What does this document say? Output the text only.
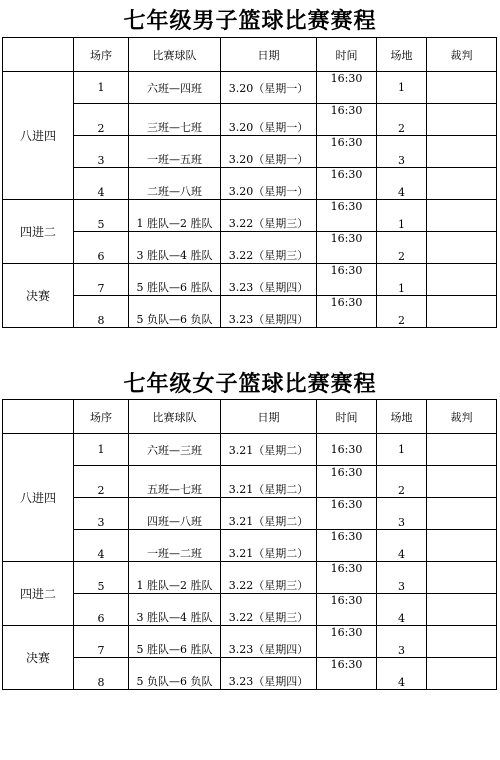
七年级男子篮球比赛赛程
	场序	比赛球队	日期	时间	场地	裁判
八进四	1	六班—四班	3.20（星期一）	16:30	1	
	2	三班—七班	3.20（星期一）	16:30	2	
	3	一班—五班	3.20（星期一）	16:30	3	
	4	二班—八班	3.20（星期一）	16:30	4	
四进二	5	1 胜队—2 胜队	3.22（星期三）	16:30	1	
	6	3 胜队—4 胜队	3.22（星期三）	16:30	2	
决赛	7	5 胜队—6 胜队	3.23（星期四）	16:30	1	
	8	5 负队—6 负队	3.23（星期四）	16:30	2	
七年级女子篮球比赛赛程
	场序	比赛球队	日期	时间	场地	裁判
八进四	1	六班—三班	3.21（星期二）	16:30	1	
	2	五班—七班	3.21（星期二）	16:30	2	
	3	四班—八班	3.21（星期二）	16:30	3	
	4	一班—二班	3.21（星期二）	16:30	4	
四进二	5	1 胜队—2 胜队	3.22（星期三）	16:30	3	
	6	3 胜队—4 胜队	3.22（星期三）	16:30	4	
决赛	7	5 胜队—6 胜队	3.23（星期四）	16:30	3	
	8	5 负队—6 负队	3.23（星期四）	16:30	4	
